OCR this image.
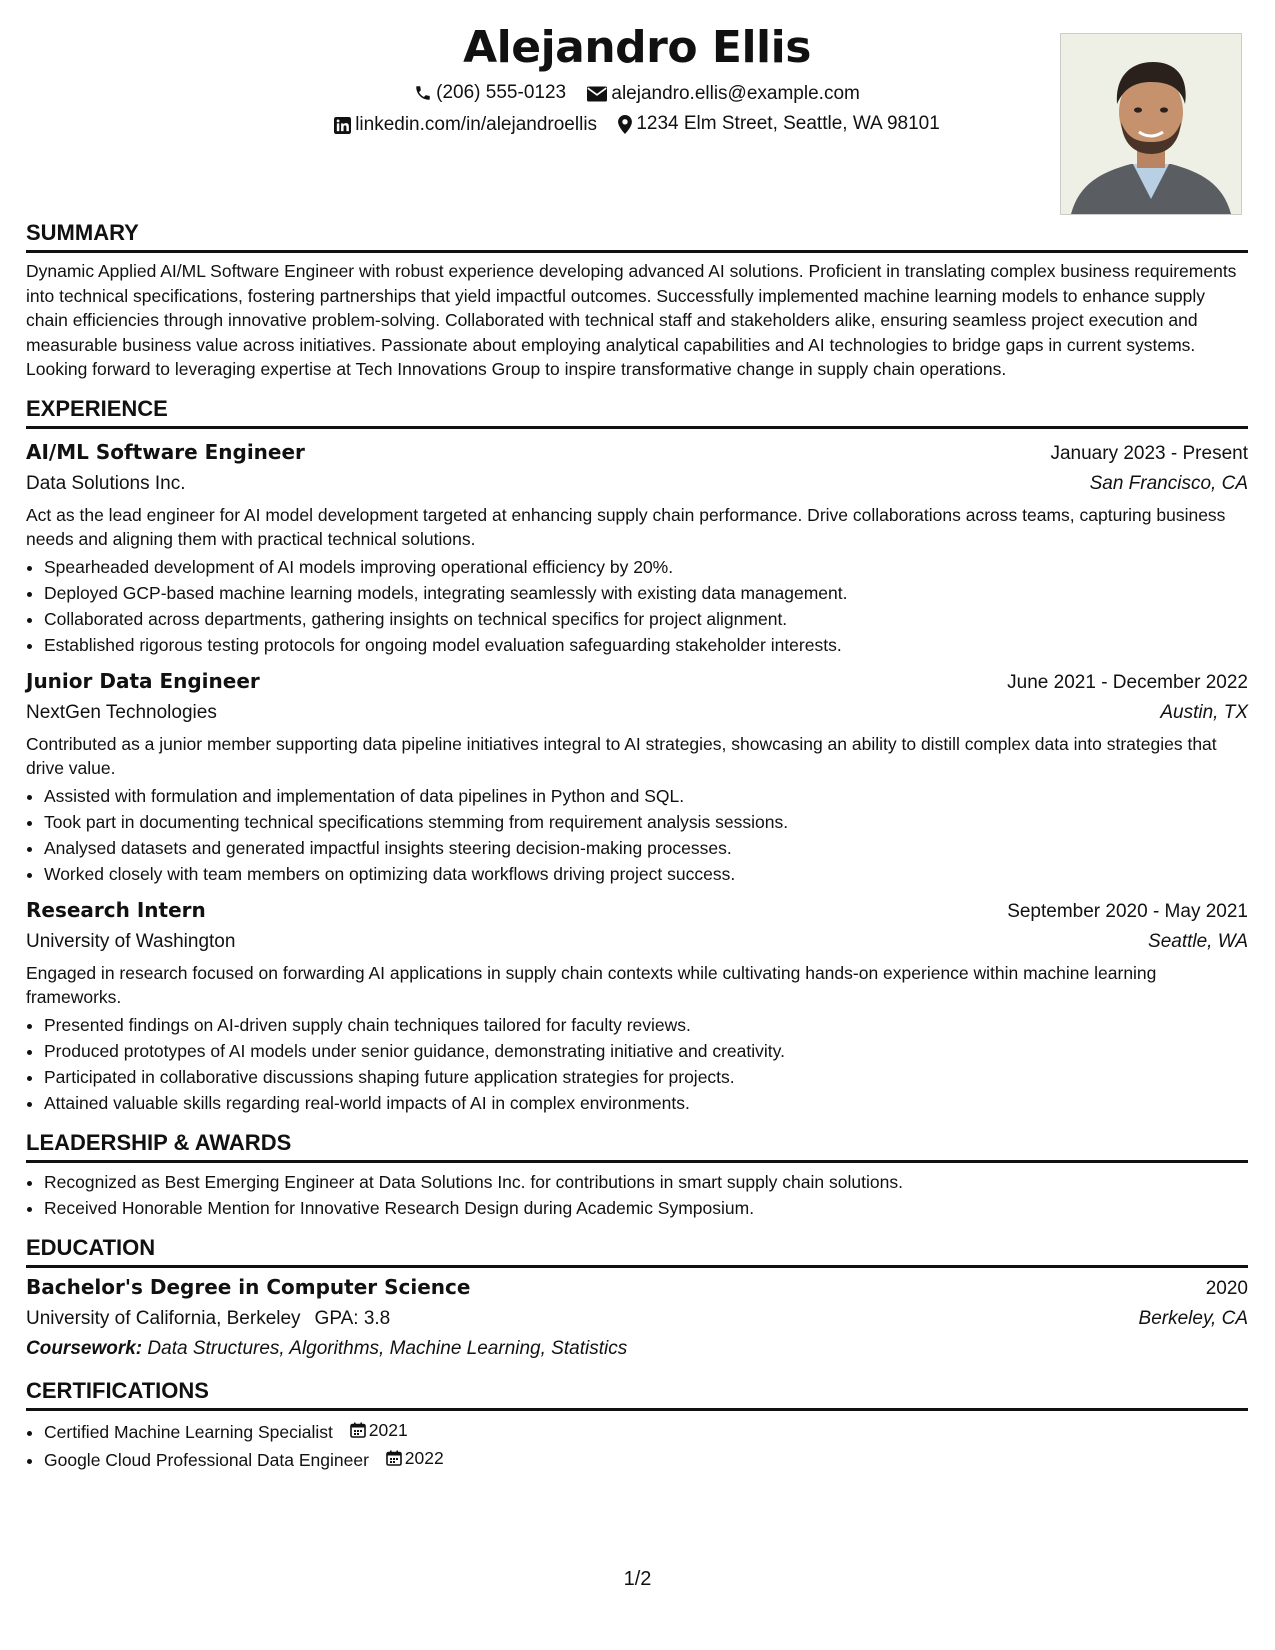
Alejandro Ellis
(206) 555-0123
alejandro.ellis@example.com
linkedin.com/in/alejandroellis
1234 Elm Street, Seattle, WA 98101
SUMMARY

Dynamic Applied AI/ML Software Engineer with robust experience developing advanced AI solutions. Proficient in translating complex business requirements into technical specifications, fostering partnerships that yield impactful outcomes. Successfully implemented machine learning models to enhance supply chain efficiencies through innovative problem-solving. Collaborated with technical staff and stakeholders alike, ensuring seamless project execution and measurable business value across initiatives. Passionate about employing analytical capabilities and AI technologies to bridge gaps in current systems. Looking forward to leveraging expertise at Tech Innovations Group to inspire transformative change in supply chain operations.

EXPERIENCE
AI/ML Software Engineer	January 2023 - Present
Data Solutions Inc.	San Francisco, CA

Act as the lead engineer for AI model development targeted at enhancing supply chain performance. Drive collaborations across teams, capturing business needs and aligning them with practical technical solutions.

• Spearheaded development of AI models improving operational efficiency by 20%.
• Deployed GCP-based machine learning models, integrating seamlessly with existing data management.
• Collaborated across departments, gathering insights on technical specifics for project alignment.
• Established rigorous testing protocols for ongoing model evaluation safeguarding stakeholder interests.
Junior Data Engineer	June 2021 - December 2022
NextGen Technologies	Austin, TX

Contributed as a junior member supporting data pipeline initiatives integral to AI strategies, showcasing an ability to distill complex data into strategies that drive value.

• Assisted with formulation and implementation of data pipelines in Python and SQL.
• Took part in documenting technical specifications stemming from requirement analysis sessions.
• Analysed datasets and generated impactful insights steering decision-making processes.
• Worked closely with team members on optimizing data workflows driving project success.
Research Intern	September 2020 - May 2021
University of Washington	Seattle, WA

Engaged in research focused on forwarding AI applications in supply chain contexts while cultivating hands-on experience within machine learning frameworks.

• Presented findings on AI-driven supply chain techniques tailored for faculty reviews.
• Produced prototypes of AI models under senior guidance, demonstrating initiative and creativity.
• Participated in collaborative discussions shaping future application strategies for projects.
• Attained valuable skills regarding real-world impacts of AI in complex environments.
LEADERSHIP & AWARDS
• Recognized as Best Emerging Engineer at Data Solutions Inc. for contributions in smart supply chain solutions.
• Received Honorable Mention for Innovative Research Design during Academic Symposium.
EDUCATION
Bachelor's Degree in Computer Science	2020
University of California, Berkeley GPA: 3.8	Berkeley, CA
Coursework: Data Structures, Algorithms, Machine Learning, Statistics
CERTIFICATIONS
• Certified Machine Learning Specialist 2021
• Google Cloud Professional Data Engineer 2022
1/2
